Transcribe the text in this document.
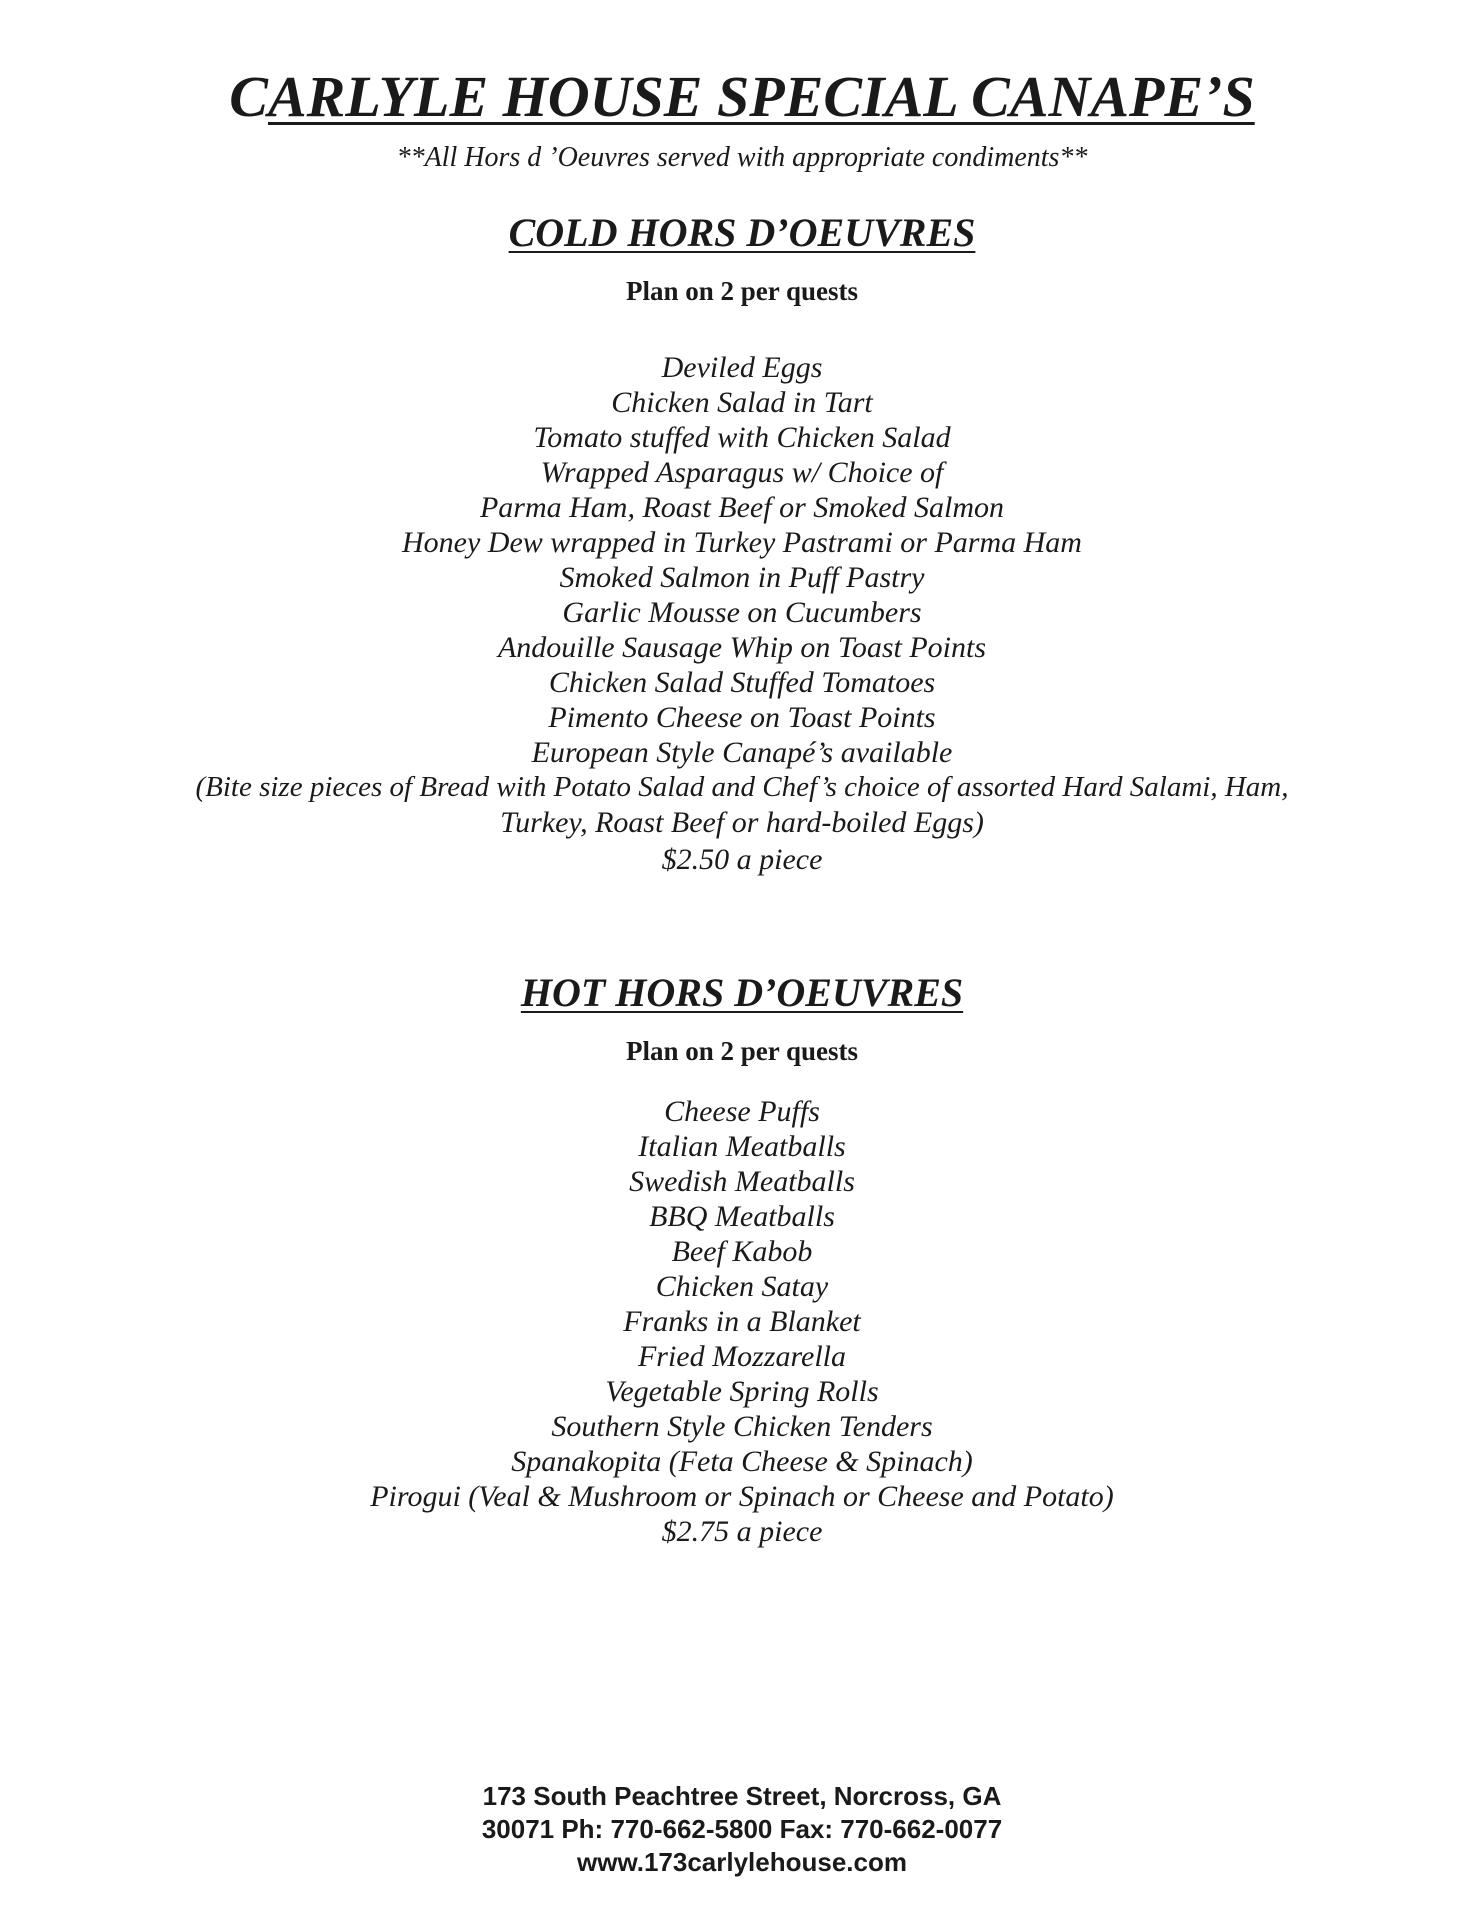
CARLYLE HOUSE SPECIAL CANAPE’S

**All Hors d ’Oeuvres served with appropriate condiments**

COLD HORS D’OEUVRES

Plan on 2 per quests

Deviled Eggs
Chicken Salad in Tart
Tomato stuffed with Chicken Salad
Wrapped Asparagus w/ Choice of
Parma Ham, Roast Beef or Smoked Salmon
Honey Dew wrapped in Turkey Pastrami or Parma Ham
Smoked Salmon in Puff Pastry
Garlic Mousse on Cucumbers
Andouille Sausage Whip on Toast Points
Chicken Salad Stuffed Tomatoes
Pimento Cheese on Toast Points
European Style Canapé’s available
(Bite size pieces of Bread with Potato Salad and Chef’s choice of assorted Hard Salami, Ham,
Turkey, Roast Beef or hard-boiled Eggs)

$2.50 a piece

HOT HORS D’OEUVRES

Plan on 2 per quests

Cheese Puffs
Italian Meatballs
Swedish Meatballs
BBQ Meatballs
Beef Kabob
Chicken Satay
Franks in a Blanket
Fried Mozzarella
Vegetable Spring Rolls
Southern Style Chicken Tenders
Spanakopita (Feta Cheese & Spinach)
Pirogui (Veal & Mushroom or Spinach or Cheese and Potato)

$2.75 a piece

173 South Peachtree Street, Norcross, GA
30071 Ph: 770-662-5800 Fax: 770-662-0077
www.173carlylehouse.com
